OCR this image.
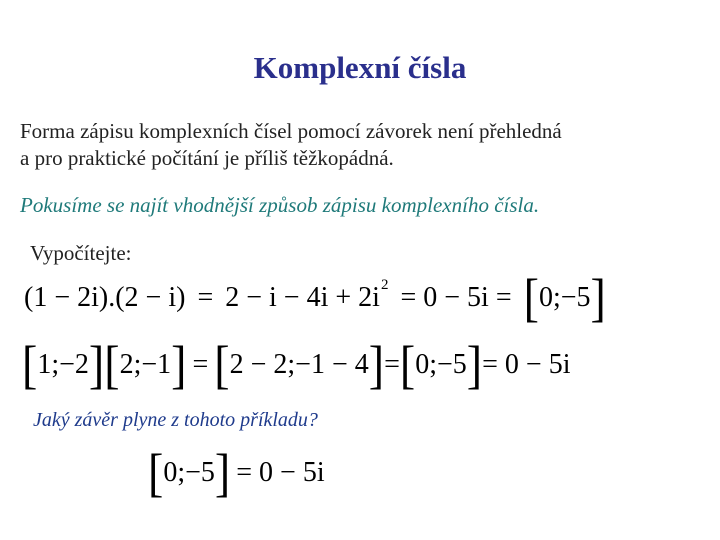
Komplexní čísla
Forma zápisu komplexních čísel pomocí závorek není přehledná
a pro praktické počítání je příliš těžkopádná.
Pokusíme se najít vhodnější způsob zápisu komplexního čísla.
Vypočítejte:
(1 − 2i).(2 − i) = 2 − i − 4i + 2i 2 = 0 − 5i = [ 0;−5 ]
[ 1;−2 ] [ 2;−1 ] = [ 2 − 2;−1 − 4 ] = [ 0;−5 ] = 0 − 5i
Jaký závěr plyne z tohoto příkladu?
[ 0;−5 ] = 0 − 5i
